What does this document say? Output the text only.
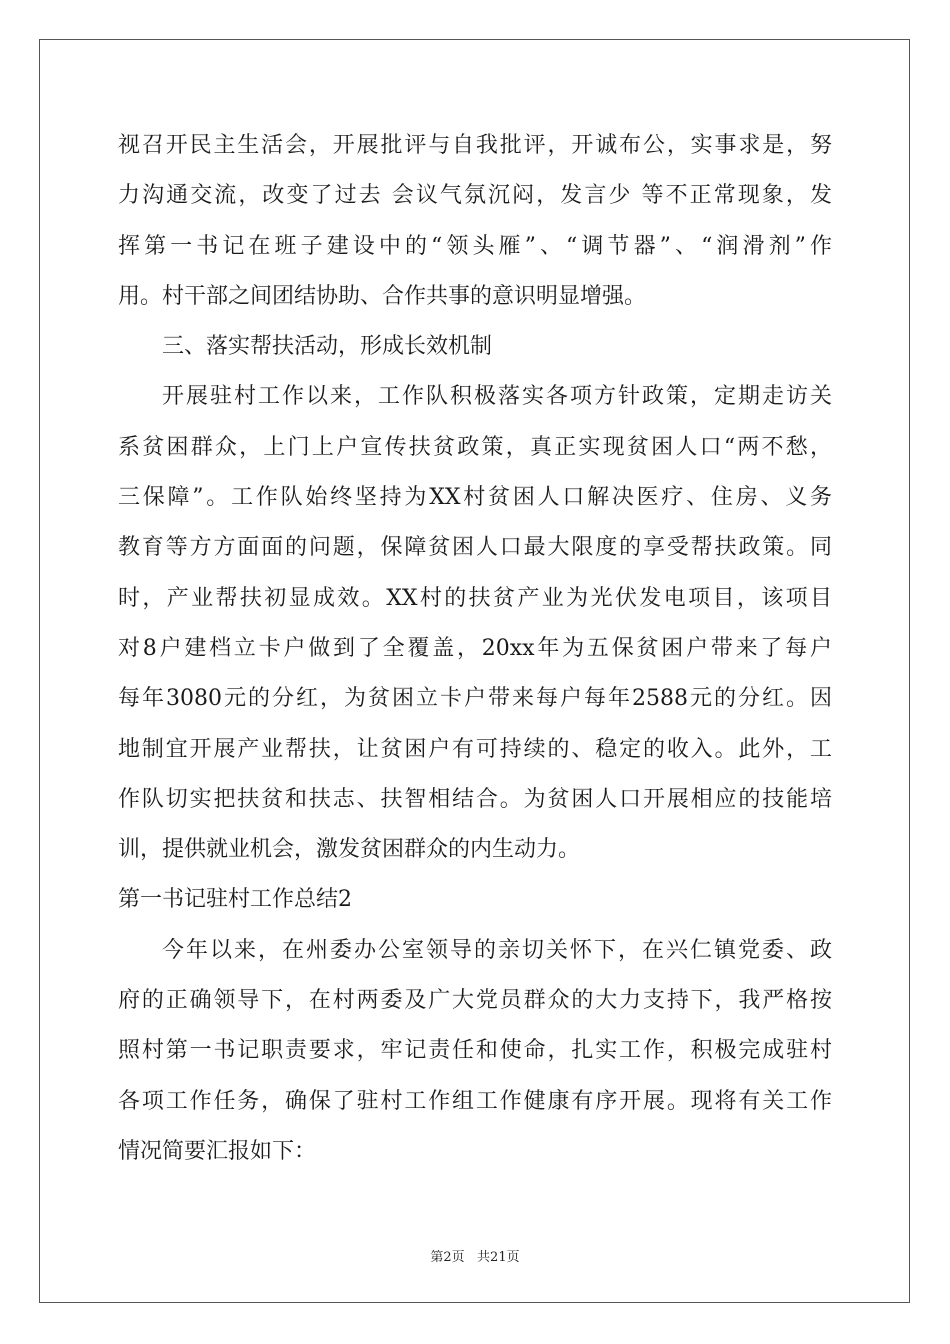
视召开民主生活会，开展批评与自我批评，开诚布公，实事求是，努
力沟通交流，改变了过去 会议气氛沉闷，发言少 等不正常现象，发
挥第一书记在班子建设中的“领头雁”、“调节器”、“润滑剂”作
用。村干部之间团结协助、合作共事的意识明显增强。
三、落实帮扶活动，形成长效机制
开展驻村工作以来，工作队积极落实各项方针政策，定期走访关
系贫困群众，上门上户宣传扶贫政策，真正实现贫困人口“两不愁，
三保障”。工作队始终坚持为XX村贫困人口解决医疗、住房、义务
教育等方方面面的问题，保障贫困人口最大限度的享受帮扶政策。同
时，产业帮扶初显成效。XX村的扶贫产业为光伏发电项目，该项目
对8户建档立卡户做到了全覆盖，20xx年为五保贫困户带来了每户
每年3080元的分红，为贫困立卡户带来每户每年2588元的分红。因
地制宜开展产业帮扶，让贫困户有可持续的、稳定的收入。此外，工
作队切实把扶贫和扶志、扶智相结合。为贫困人口开展相应的技能培
训，提供就业机会，激发贫困群众的内生动力。
第一书记驻村工作总结2
今年以来，在州委办公室领导的亲切关怀下，在兴仁镇党委、政
府的正确领导下，在村两委及广大党员群众的大力支持下，我严格按
照村第一书记职责要求，牢记责任和使命，扎实工作，积极完成驻村
各项工作任务，确保了驻村工作组工作健康有序开展。现将有关工作
情况简要汇报如下：
第2页   共21页
